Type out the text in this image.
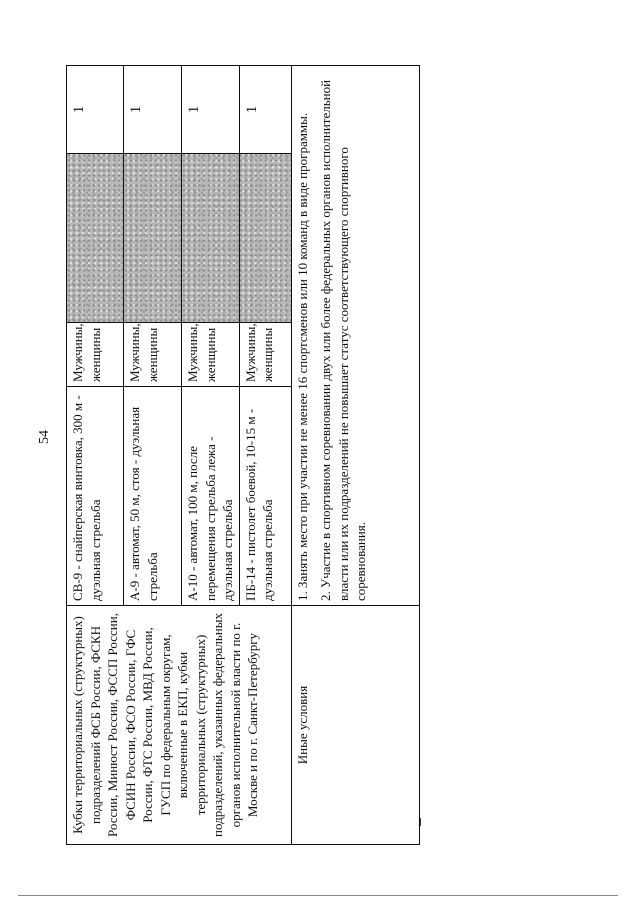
54
Кубки территориальных (структурных) подразделений ФСБ России, ФСКН России, Минюст России, ФССП России, ФСИН России, ФСО России, ГФС России, ФТС России, МВД России, ГУСП по федеральным округам, включенные в ЕКП, кубки территориальных (структурных) подразделений, указанных федеральных органов исполнительной власти по г. Москве и по г. Санкт-Петербургу	СВ-9 - снайперская винтовка, 300 м - дуэльная стрельба	Мужчины, женщины		1
	А-9 - автомат, 50 м, стоя - дуэльная стрельба	Мужчины, женщины		1
	А-10 - автомат, 100 м, после перемещения стрельба лежа - дуэльная стрельба	Мужчины, женщины		1
	ПБ-14 - пистолет боевой, 10-15 м - дуэльная стрельба	Мужчины, женщины		1
Иные условия	1. Занять место при участии не менее 16 спортсменов или 10 команд в виде программы. 2. Участие в спортивном соревновании двух или более федеральных органов исполнительной власти или их подразделений не повышает статус соответствующего спортивного соревнования.			
